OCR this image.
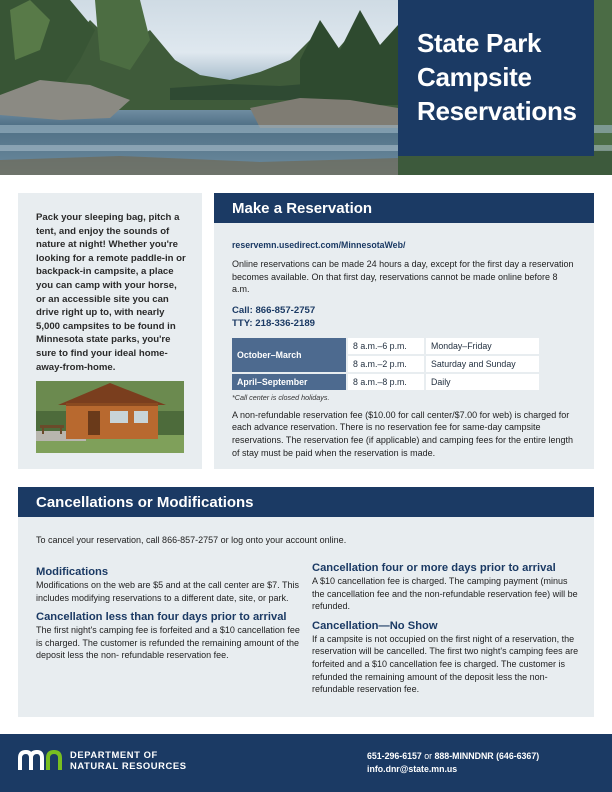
State Park
Campsite
Reservations

Pack your sleeping bag, pitch a tent, and enjoy the sounds of nature at night! Whether you're looking for a remote paddle-in or backpack-in campsite, a place you can camp with your horse, or an accessible site you can drive right up to, with nearly 5,000 campsites to be found in Minnesota state parks, you're sure to find your ideal home-away-from-home.

Make a Reservation
reservemn.usedirect.com/MinnesotaWeb/

Online reservations can be made 24 hours a day, except for the first day a reservation becomes available. On that first day, reservations cannot be made online before 8 a.m.

Call: 866-857-2757
TTY: 218-336-2189
October–March	8 a.m.–6 p.m.	Monday–Friday
	8 a.m.–2 p.m.	Saturday and Sunday
April–September	8 a.m.–8 p.m.	Daily
*Call center is closed holidays.

A non-refundable reservation fee ($10.00 for call center/$7.00 for web) is charged for each advance reservation. There is no reservation fee for same-day campsite reservations. The reservation fee (if applicable) and camping fees for the entire length of stay must be paid when the reservation is made.

Cancellations or Modifications

To cancel your reservation, call 866-857-2757 or log onto your account online.

Modifications

Modifications on the web are $5 and at the call center are $7. This includes modifying reservations to a different date, site, or park.

Cancellation less than four days prior to arrival

The first night's camping fee is forfeited and a $10 cancellation fee is charged. The customer is refunded the remaining amount of the deposit less the non- refundable reservation fee.

Cancellation four or more days prior to arrival

A $10 cancellation fee is charged. The camping payment (minus the cancellation fee and the non-refundable reservation fee) will be refunded.

Cancellation—No Show

If a campsite is not occupied on the first night of a reservation, the reservation will be cancelled. The first two night's camping fees are forfeited and a $10 cancellation fee is charged. The customer is refunded the remaining amount of the deposit less the non-refundable reservation fee.

DEPARTMENT OF
NATURAL RESOURCES
651-296-6157 or 888-MINNDNR (646-6367)
info.dnr@state.mn.us
